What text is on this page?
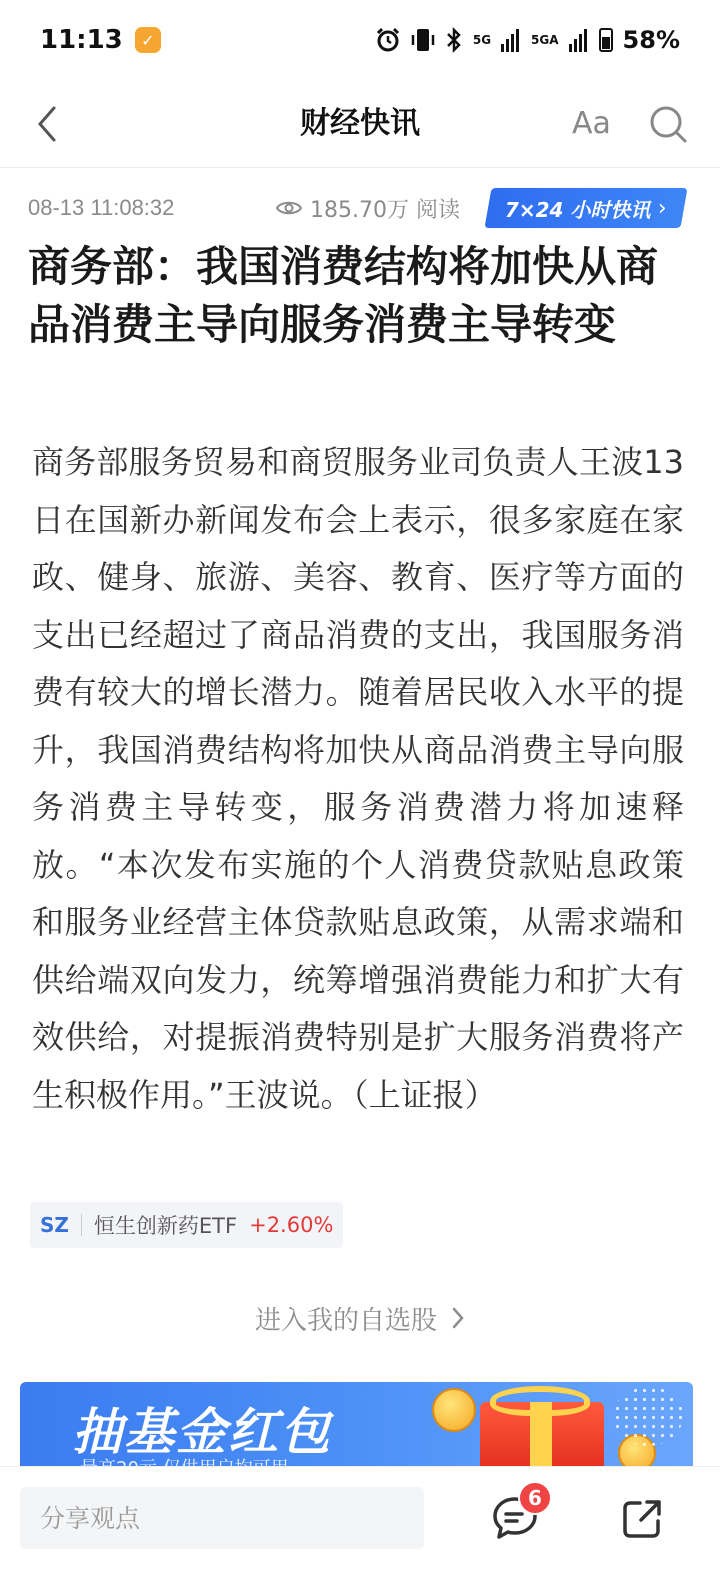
11:13	✓	5G	5GA	58%
财经快讯	Aa
08-13 11:08:32	185.70万 阅读 7×24 小时快讯 ›
商务部：我国消费结构将加快从商品消费主导向服务消费主导转变

商务部服务贸易和商贸服务业司负责人王波13日在国新办新闻发布会上表示，很多家庭在家政、健身、旅游、美容、教育、医疗等方面的支出已经超过了商品消费的支出，我国服务消费有较大的增长潜力。随着居民收入水平的提升，我国消费结构将加快从商品消费主导向服务消费主导转变，服务消费潜力将加速释放。“本次发布实施的个人消费贷款贴息政策和服务业经营主体贷款贴息政策，从需求端和供给端双向发力，统筹增强消费能力和扩大有效供给，对提振消费特别是扩大服务消费将产生积极作用。”王波说。（上证报）

SZ 恒生创新药ETF +2.60%
进入我的自选股
抽基金红包
分享观点
6
